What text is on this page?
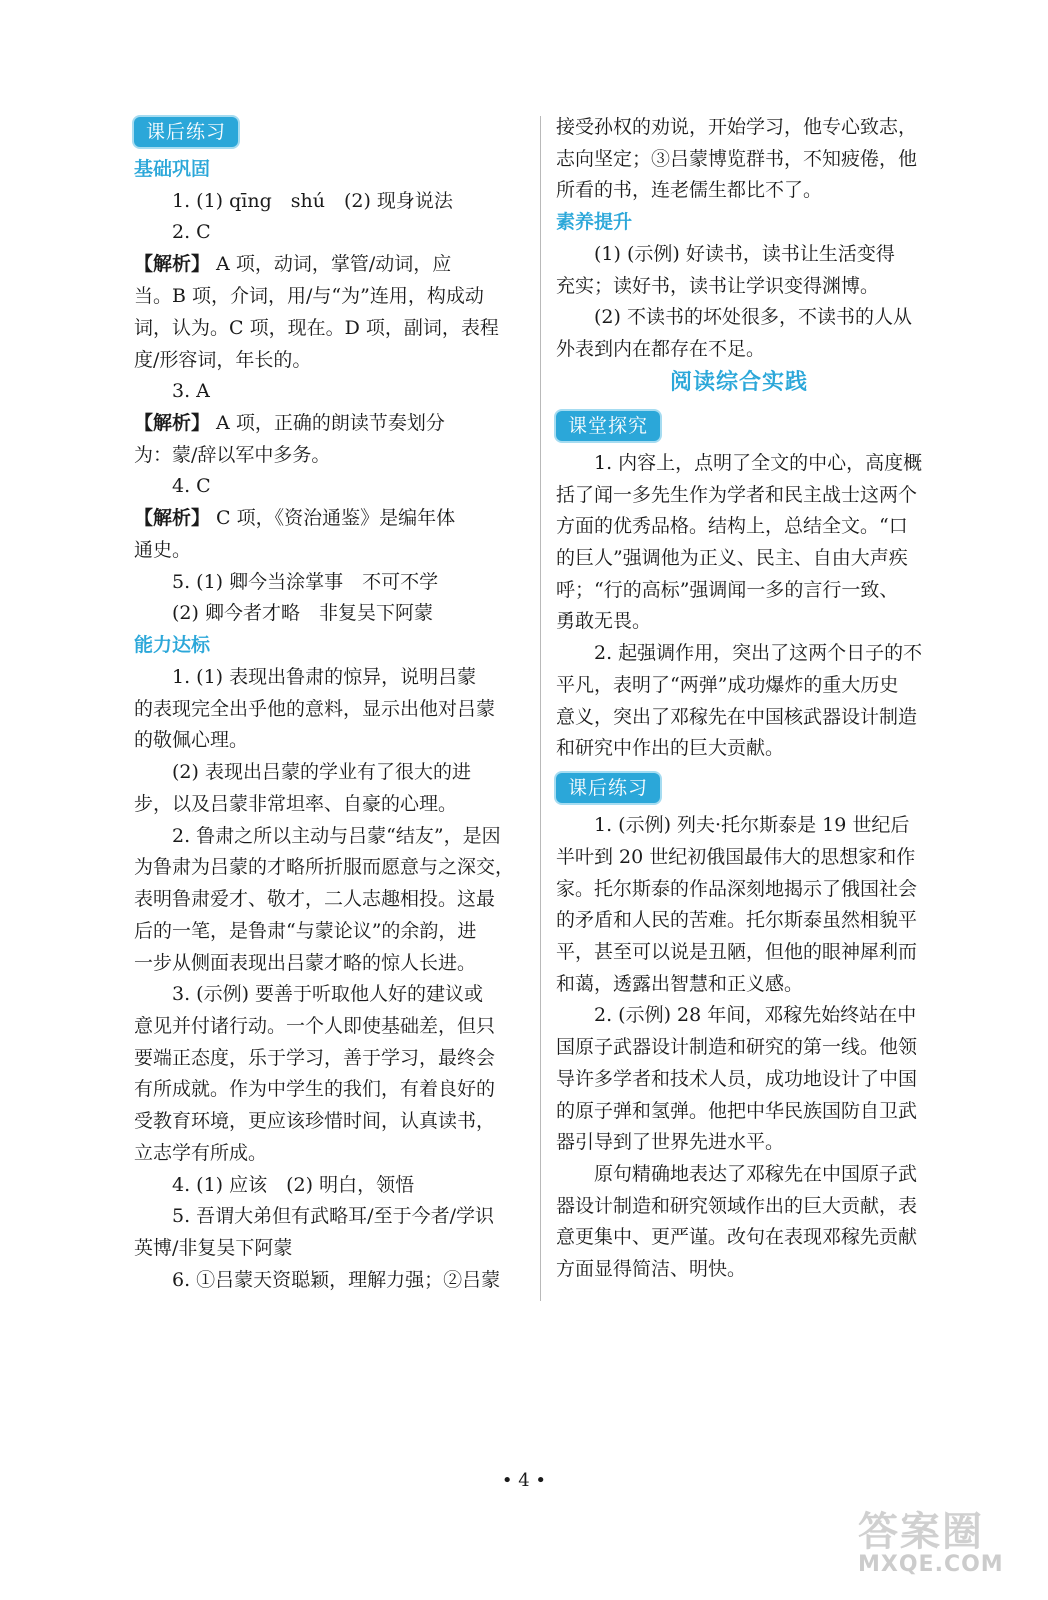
课后练习
基础巩固
1. (1) qīng　shú　(2) 现身说法
2. C
【解析】 A 项，动词，掌管/动词，应
当。B 项，介词，用/与“为”连用，构成动
词，认为。C 项，现在。D 项，副词，表程
度/形容词，年长的。
3. A
【解析】 A 项，正确的朗读节奏划分
为：蒙/辞以军中多务。
4. C
【解析】 C 项，《资治通鉴》是编年体
通史。
5. (1) 卿今当涂掌事　不可不学
(2) 卿今者才略　非复吴下阿蒙
能力达标
1. (1) 表现出鲁肃的惊异，说明吕蒙
的表现完全出乎他的意料，显示出他对吕蒙
的敬佩心理。
(2) 表现出吕蒙的学业有了很大的进
步，以及吕蒙非常坦率、自豪的心理。
2. 鲁肃之所以主动与吕蒙“结友”，是因
为鲁肃为吕蒙的才略所折服而愿意与之深交，
表明鲁肃爱才、敬才，二人志趣相投。这最
后的一笔，是鲁肃“与蒙论议”的余韵，进
一步从侧面表现出吕蒙才略的惊人长进。
3. (示例) 要善于听取他人好的建议或
意见并付诸行动。一个人即使基础差，但只
要端正态度，乐于学习，善于学习，最终会
有所成就。作为中学生的我们，有着良好的
受教育环境，更应该珍惜时间，认真读书，
立志学有所成。
4. (1) 应该　(2) 明白，领悟
5. 吾谓大弟但有武略耳/至于今者/学识
英博/非复吴下阿蒙
6. ①吕蒙天资聪颖，理解力强；②吕蒙
接受孙权的劝说，开始学习，他专心致志，
志向坚定；③吕蒙博览群书，不知疲倦，他
所看的书，连老儒生都比不了。
素养提升
(1) (示例) 好读书，读书让生活变得
充实；读好书，读书让学识变得渊博。
(2) 不读书的坏处很多，不读书的人从
外表到内在都存在不足。
阅读综合实践
课堂探究
1. 内容上，点明了全文的中心，高度概
括了闻一多先生作为学者和民主战士这两个
方面的优秀品格。结构上，总结全文。“口
的巨人”强调他为正义、民主、自由大声疾
呼；“行的高标”强调闻一多的言行一致、
勇敢无畏。
2. 起强调作用，突出了这两个日子的不
平凡，表明了“两弹”成功爆炸的重大历史
意义，突出了邓稼先在中国核武器设计制造
和研究中作出的巨大贡献。
课后练习
1. (示例) 列夫·托尔斯泰是 19 世纪后
半叶到 20 世纪初俄国最伟大的思想家和作
家。托尔斯泰的作品深刻地揭示了俄国社会
的矛盾和人民的苦难。托尔斯泰虽然相貌平
平，甚至可以说是丑陋，但他的眼神犀利而
和蔼，透露出智慧和正义感。
2. (示例) 28 年间，邓稼先始终站在中
国原子武器设计制造和研究的第一线。他领
导许多学者和技术人员，成功地设计了中国
的原子弹和氢弹。他把中华民族国防自卫武
器引导到了世界先进水平。
原句精确地表达了邓稼先在中国原子武
器设计制造和研究领域作出的巨大贡献，表
意更集中、更严谨。改句在表现邓稼先贡献
方面显得简洁、明快。
• 4 •
答案圈
MXQE.COM
